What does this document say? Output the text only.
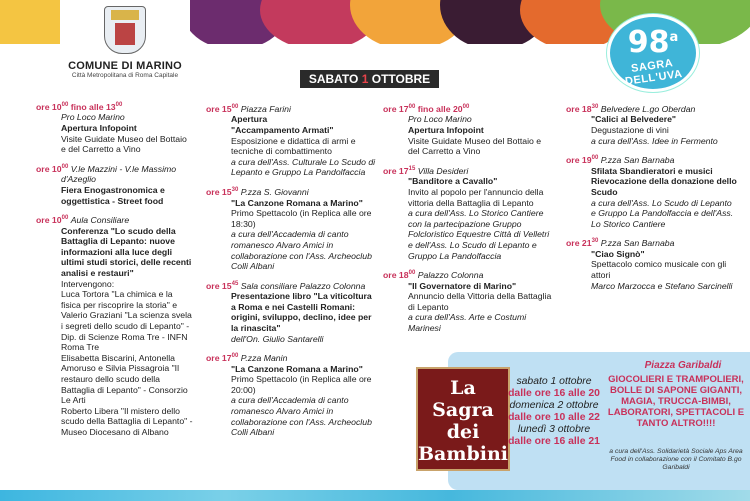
COMUNE DI MARINO
Città Metropolitana di Roma Capitale
98$^a$
SAGRA DELL'UVA
SABATO 1 OTTOBRE
ore $10^{00}$ fino alle $13^{00}$
Pro Loco Marino
Apertura Infopoint
Visite Guidate Museo del Bottaio e del Carretto a Vino
ore $10^{00}$ V.le Mazzini - V.le Massimo d'Azeglio
Fiera Enogastronomica e oggettistica - Street food
ore $10^{00}$ Aula Consiliare
Conferenza "Lo scudo della Battaglia di Lepanto: nuove informazioni alla luce degli ultimi studi storici, delle recenti analisi e restauri"
Intervengono:
Luca Tortora "La chimica e la fisica per riscoprire la storia" e Valerio Graziani "La scienza svela i segreti dello scudo di Lepanto" - Dip. di Scienze Roma Tre - INFN Roma Tre
Elisabetta Biscarini, Antonella Amoruso e Silvia Pissagroia "Il restauro dello scudo della Battaglia di Lepanto" - Consorzio Le Arti
Roberto Libera "Il mistero dello scudo della Battaglia di Lepanto" - Museo Diocesano di Albano
ore $15^{00}$ Piazza Farini
Apertura
"Accampamento Armati"
Esposizione e didattica di armi e tecniche di combattimento
a cura dell'Ass. Culturale Lo Scudo di Lepanto e Gruppo La Pandolfaccia
ore $15^{30}$ P.zza S. Giovanni
"La Canzone Romana a Marino"
Primo Spettacolo (in Replica alle ore 18:30)
a cura dell'Accademia di canto romanesco Alvaro Amici in collaborazione con l'Ass. Archeoclub Colli Albani
ore $15^{45}$ Sala consiliare Palazzo Colonna
Presentazione libro "La viticoltura a Roma e nei Castelli Romani: origini, sviluppo, declino, idee per la rinascita"
dell'On. Giulio Santarelli
ore $17^{00}$ P.zza Manin
"La Canzone Romana a Marino"
Primo Spettacolo (in Replica alle ore 20:00)
a cura dell'Accademia di canto romanesco Alvaro Amici in collaborazione con l'Ass. Archeoclub Colli Albani
ore $17^{00}$ fino alle $20^{00}$
Pro Loco Marino
Apertura Infopoint
Visite Guidate Museo del Bottaio e del Carretto a Vino
ore $17^{15}$ Villa Desideri
"Banditore a Cavallo"
Invito al popolo per l'annuncio della vittoria della Battaglia di Lepanto
a cura dell'Ass. Lo Storico Cantiere con la partecipazione Gruppo Folcloristico Equestre Città di Velletri e dell'Ass. Lo Scudo di Lepanto e Gruppo La Pandolfaccia
ore $18^{00}$ Palazzo Colonna
"Il Governatore di Marino"
Annuncio della Vittoria della Battaglia di Lepanto
a cura dell'Ass. Arte e Costumi Marinesi
ore $18^{30}$ Belvedere L.go Oberdan
"Calici al Belvedere"
Degustazione di vini
a cura dell'Ass. Idee in Fermento
ore $19^{00}$ P.zza San Barnaba
Sfilata Sbandieratori e musici Rievocazione della donazione dello Scudo
a cura dell'Ass. Lo Scudo di Lepanto e Gruppo La Pandolfaccia e dell'Ass. Lo Storico Cantiere
ore $21^{30}$ P.zza San Barnaba
"Ciao Signò"
Spettacolo comico musicale con gli attori
Marco Marzocca e Stefano Sarcinelli
La
Sagra
dei
Bambini
sabato 1 ottobre
dalle ore 16 alle 20
domenica 2 ottobre
dalle ore 10 alle 22
lunedì 3 ottobre
dalle ore 16 alle 21
Piazza Garibaldi
GIOCOLIERI E TRAMPOLIERI, BOLLE DI SAPONE GIGANTI, MAGIA, TRUCCA-BIMBI, LABORATORI, SPETTACOLI E TANTO ALTRO!!!!
a cura dell'Ass. Solidarietà Sociale Aps Area Food in collaborazione con il Comitato B.go Garibaldi
